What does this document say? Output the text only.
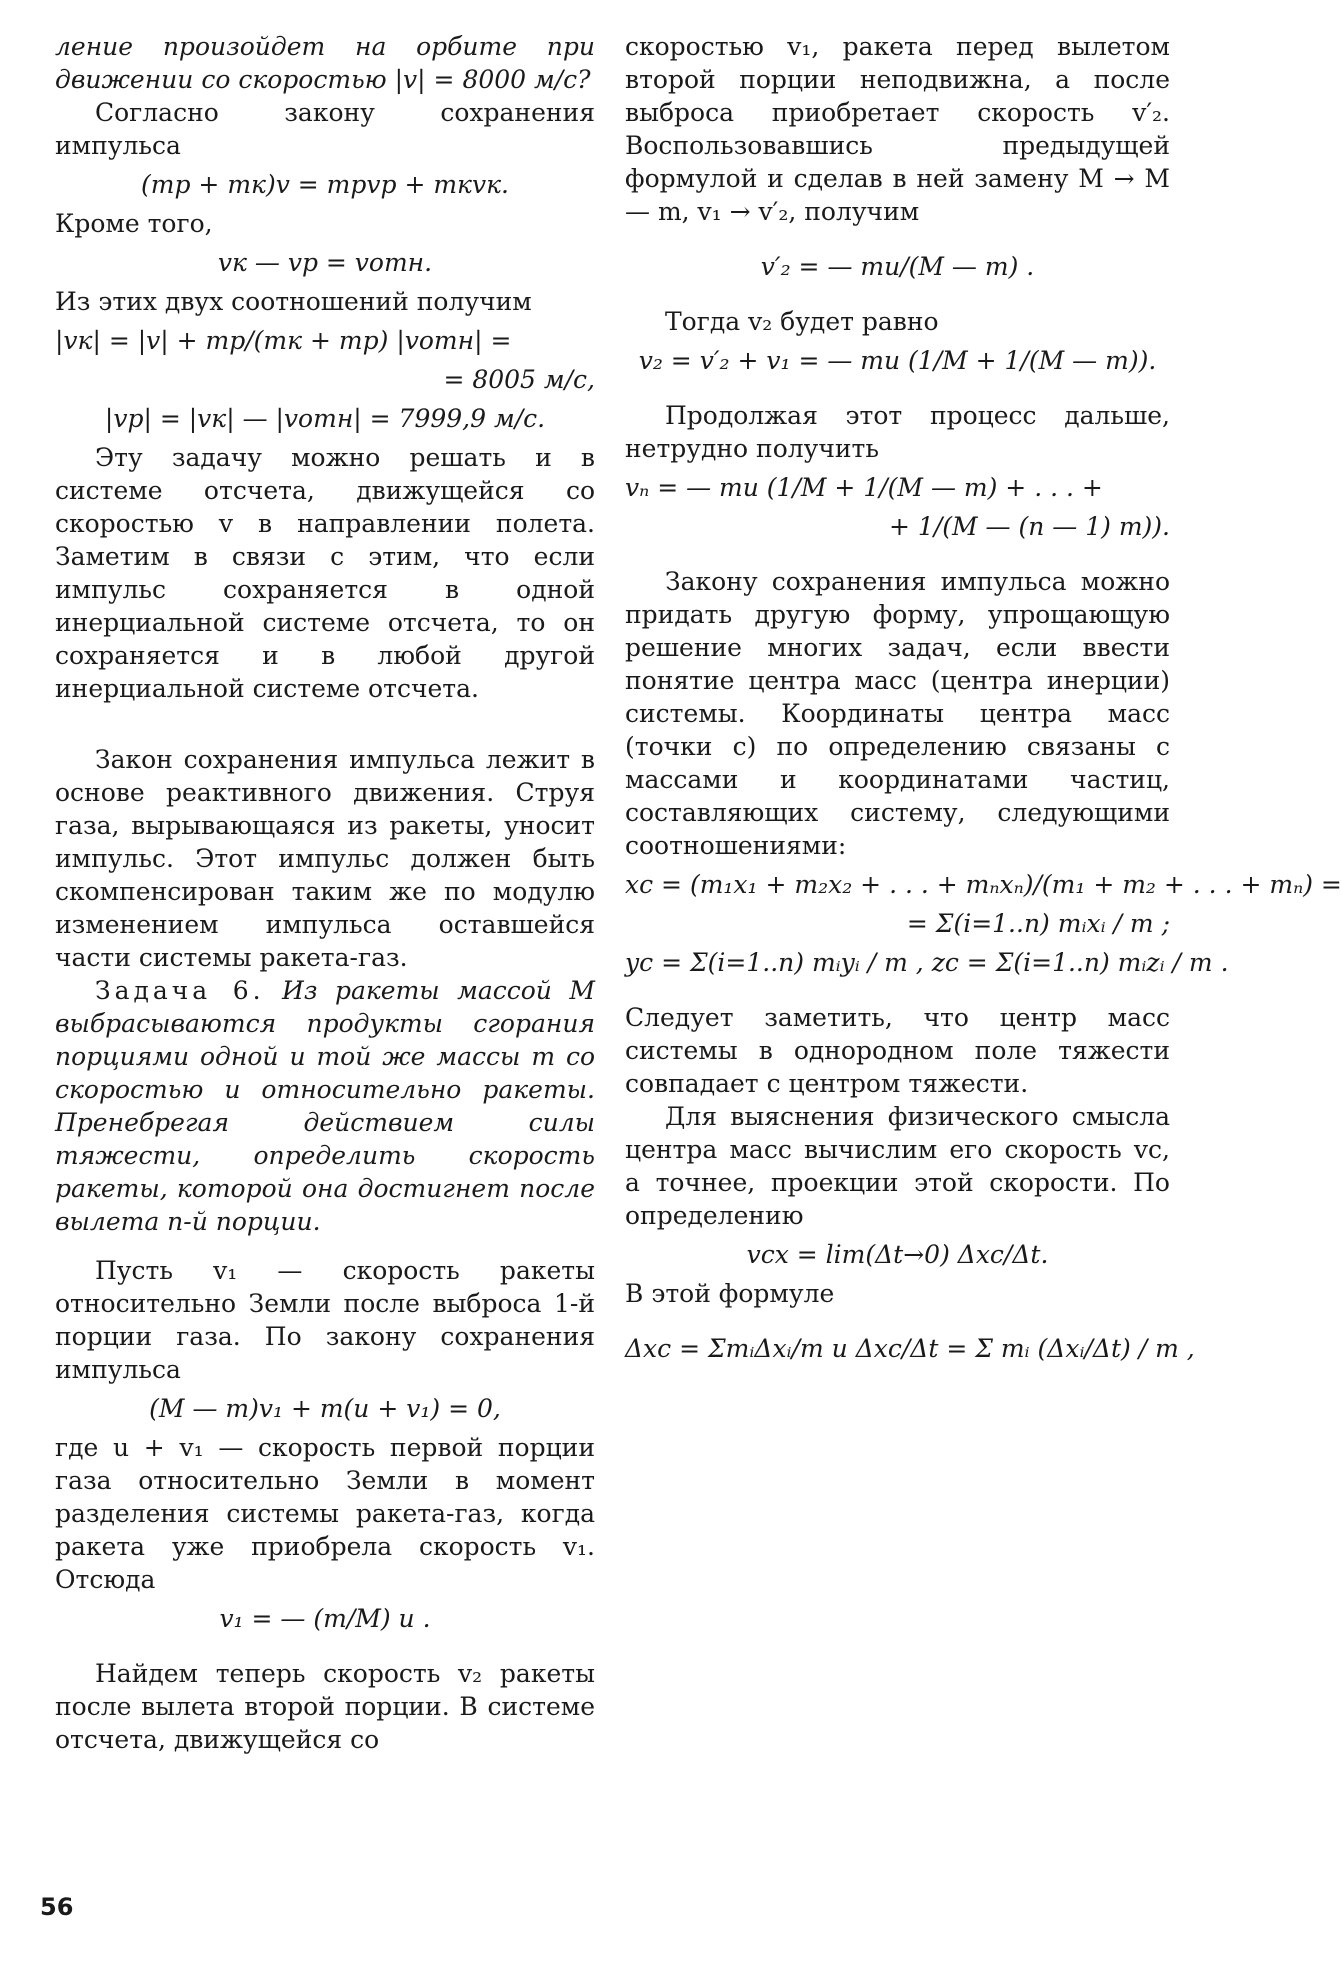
ление произойдет на орбите при движении со скоростью |v| = 8000 м/с?

Согласно закону сохранения импульса

(mр + mк)v = mрvр + mкvк.

Кроме того,

vк — vр = vотн.

Из этих двух соотношений получим

|vк| = |v| + mр/(mк + mр) |vотн| =
= 8005 м/с,
|vр| = |vк| — |vотн| = 7999,9 м/с.

Эту задачу можно решать и в системе отсчета, движущейся со скоростью v в направлении полета. Заметим в связи с этим, что если импульс сохраняется в одной инерциальной системе отсчета, то он сохраняется и в любой другой инерциальной системе отсчета.

Закон сохранения импульса лежит в основе реактивного движения. Струя газа, вырывающаяся из ракеты, уносит импульс. Этот импульс должен быть скомпенсирован таким же по модулю изменением импульса оставшейся части системы ракета-газ.

Задача 6. Из ракеты массой M выбрасываются продукты сгорания порциями одной и той же массы m со скоростью u относительно ракеты. Пренебрегая действием силы тяжести, определить скорость ракеты, которой она достигнет после вылета n-й порции.

Пусть v₁ — скорость ракеты относительно Земли после выброса 1-й порции газа. По закону сохранения импульса

(M — m)v₁ + m(u + v₁) = 0,

где u + v₁ — скорость первой порции газа относительно Земли в момент разделения системы ракета-газ, когда ракета уже приобрела скорость v₁. Отсюда

v₁ = — (m/M) u .

Найдем теперь скорость v₂ ракеты после вылета второй порции. В системе отсчета, движущейся со

скоростью v₁, ракета перед вылетом второй порции неподвижна, а после выброса приобретает скорость v′₂. Воспользовавшись предыдущей формулой и сделав в ней замену M → M — m, v₁ → v′₂, получим

v′₂ = — mu/(M — m) .

Тогда v₂ будет равно

v₂ = v′₂ + v₁ = — mu (1/M + 1/(M — m)).

Продолжая этот процесс дальше, нетрудно получить

vₙ = — mu (1/M + 1/(M — m) + . . . +
+ 1/(M — (n — 1) m)).

Закону сохранения импульса можно придать другую форму, упрощающую решение многих задач, если ввести понятие центра масс (центра инерции) системы. Координаты центра масс (точки c) по определению связаны с массами и координатами частиц, составляющих систему, следующими соотношениями:

xc = (m₁x₁ + m₂x₂ + . . . + mₙxₙ)/(m₁ + m₂ + . . . + mₙ) =
= Σ(i=1..n) mᵢxᵢ / m ;
yc = Σ(i=1..n) mᵢyᵢ / m , zc = Σ(i=1..n) mᵢzᵢ / m .

Следует заметить, что центр масс системы в однородном поле тяжести совпадает с центром тяжести.

Для выяснения физического смысла центра масс вычислим его скорость vc, а точнее, проекции этой скорости. По определению

vcx = lim(Δt→0) Δxc/Δt.

В этой формуле

Δxc = ΣmᵢΔxᵢ/m и Δxc/Δt = Σ mᵢ (Δxᵢ/Δt) / m ,
56
